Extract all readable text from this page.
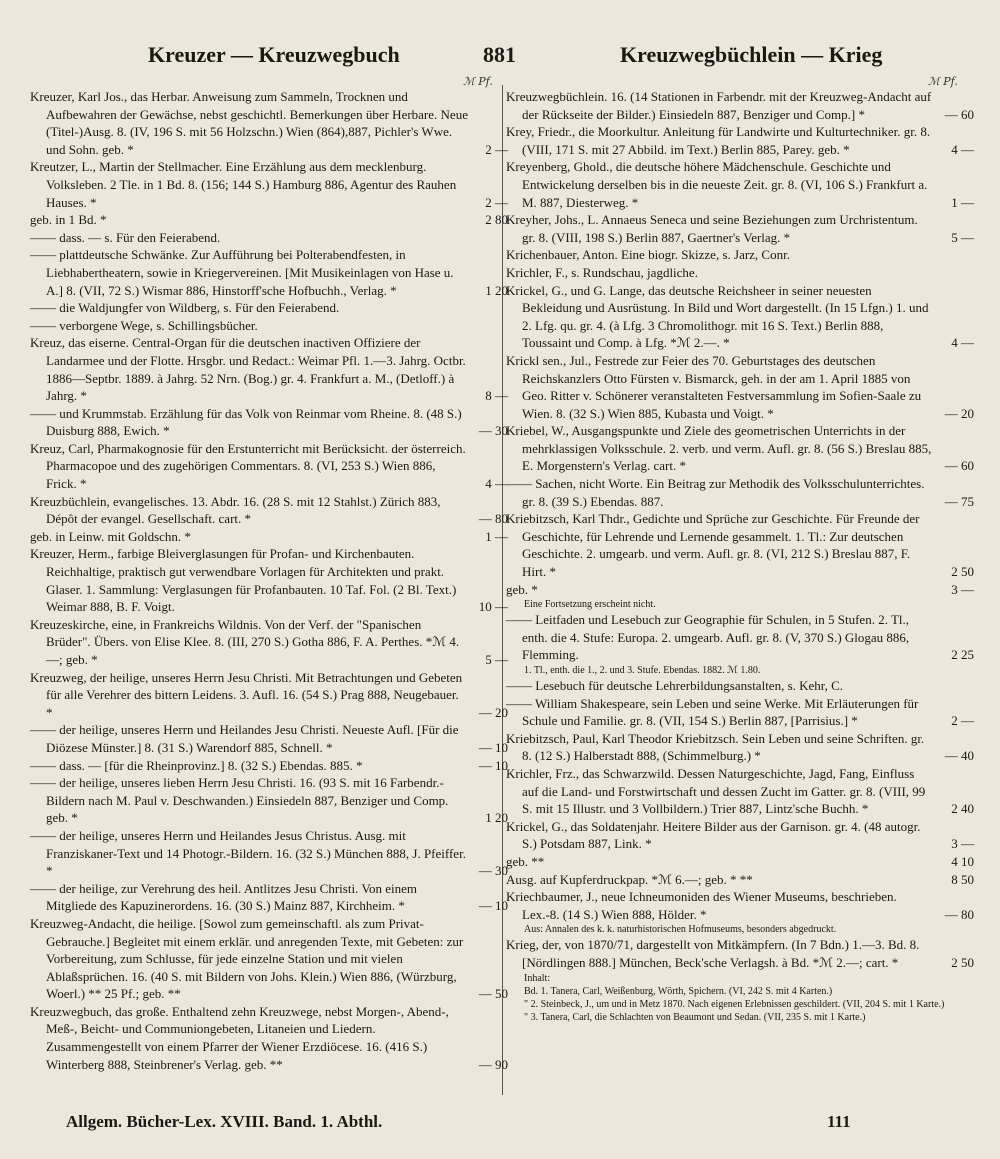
Kreuzer — Kreuzwegbuch	881	Kreuzwegbüchlein — Krieg
ℳ Pf.	ℳ Pf.
Kreuzer, Karl Jos., das Herbar. Anweisung zum Sammeln, Trocknen und Aufbewahren der Gewächse, nebst geschichtl. Bemerkungen über Herbare. Neue (Titel-)Ausg. 8. (IV, 196 S. mit 56 Holzschn.) Wien (864),887, Pichler's Wwe. und Sohn. geb. *	2 —
Kreutzer, L., Martin der Stellmacher. Eine Erzählung aus dem mecklenburg. Volksleben. 2 Tle. in 1 Bd. 8. (156; 144 S.) Hamburg 886, Agentur des Rauhen Hauses. *	2 —
geb. in 1 Bd. *	2 80
—— dass. — s. Für den Feierabend.
—— plattdeutsche Schwänke. Zur Aufführung bei Polterabendfesten, in Liebhabertheatern, sowie in Kriegervereinen. [Mit Musikeinlagen von Hase u. A.] 8. (VII, 72 S.) Wismar 886, Hinstorff'sche Hofbuchh., Verlag. *	1 20
—— die Waldjungfer von Wildberg, s. Für den Feierabend.
—— verborgene Wege, s. Schillingsbücher.
Kreuz, das eiserne. Central-Organ für die deutschen inactiven Offiziere der Landarmee und der Flotte. Hrsgbr. und Redact.: Weimar Pfl. 1.—3. Jahrg. Octbr. 1886—Septbr. 1889. à Jahrg. 52 Nrn. (Bog.) gr. 4. Frankfurt a. M., (Detloff.) à Jahrg. *	8 —
—— und Krummstab. Erzählung für das Volk von Reinmar vom Rheine. 8. (48 S.) Duisburg 888, Ewich. *	— 30
Kreuz, Carl, Pharmakognosie für den Erstunterricht mit Berücksicht. der österreich. Pharmacopoe und des zugehörigen Commentars. 8. (VI, 253 S.) Wien 886, Frick. *	4 —
Kreuzbüchlein, evangelisches. 13. Abdr. 16. (28 S. mit 12 Stahlst.) Zürich 883, Dépôt der evangel. Gesellschaft. cart. *	— 80
geb. in Leinw. mit Goldschn. *	1 —
Kreuzer, Herm., farbige Bleiverglasungen für Profan- und Kirchenbauten. Reichhaltige, praktisch gut verwendbare Vorlagen für Architekten und prakt. Glaser. 1. Sammlung: Verglasungen für Profanbauten. 10 Taf. Fol. (2 Bl. Text.) Weimar 888, B. F. Voigt.	10 —
Kreuzeskirche, eine, in Frankreichs Wildnis. Von der Verf. der "Spanischen Brüder". Übers. von Elise Klee. 8. (III, 270 S.) Gotha 886, F. A. Perthes. *ℳ 4.—; geb. *	5 —
Kreuzweg, der heilige, unseres Herrn Jesu Christi. Mit Betrachtungen und Gebeten für alle Verehrer des bittern Leidens. 3. Aufl. 16. (54 S.) Prag 888, Neugebauer. *	— 20
—— der heilige, unseres Herrn und Heilandes Jesu Christi. Neueste Aufl. [Für die Diözese Münster.] 8. (31 S.) Warendorf 885, Schnell. *	— 10
—— dass. — [für die Rheinprovinz.] 8. (32 S.) Ebendas. 885. *	— 10
—— der heilige, unseres lieben Herrn Jesu Christi. 16. (93 S. mit 16 Farbendr.-Bildern nach M. Paul v. Deschwanden.) Einsiedeln 887, Benziger und Comp. geb. *	1 20
—— der heilige, unseres Herrn und Heilandes Jesus Christus. Ausg. mit Franziskaner-Text und 14 Photogr.-Bildern. 16. (32 S.) München 888, J. Pfeiffer. *	— 30
—— der heilige, zur Verehrung des heil. Antlitzes Jesu Christi. Von einem Mitgliede des Kapuzinerordens. 16. (30 S.) Mainz 887, Kirchheim. *	— 10
Kreuzweg-Andacht, die heilige. [Sowol zum gemeinschaftl. als zum Privat-Gebrauche.] Begleitet mit einem erklär. und anregenden Texte, mit Gebeten: zur Vorbereitung, zum Schlusse, für jede einzelne Station und mit vielen Ablaßsprüchen. 16. (40 S. mit Bildern von Johs. Klein.) Wien 886, (Würzburg, Woerl.) ** 25 Pf.; geb. **	— 50
Kreuzwegbuch, das große. Enthaltend zehn Kreuzwege, nebst Morgen-, Abend-, Meß-, Beicht- und Communiongebeten, Litaneien und Liedern. Zusammengestellt von einem Pfarrer der Wiener Erzdiöcese. 16. (416 S.) Winterberg 888, Steinbrener's Verlag. geb. **	— 90
Kreuzwegbüchlein. 16. (14 Stationen in Farbendr. mit der Kreuzweg-Andacht auf der Rückseite der Bilder.) Einsiedeln 887, Benziger und Comp.] *	— 60
Krey, Friedr., die Moorkultur. Anleitung für Landwirte und Kulturtechniker. gr. 8. (VIII, 171 S. mit 27 Abbild. im Text.) Berlin 885, Parey. geb. *	4 —
Kreyenberg, Ghold., die deutsche höhere Mädchenschule. Geschichte und Entwickelung derselben bis in die neueste Zeit. gr. 8. (VI, 106 S.) Frankfurt a. M. 887, Diesterweg. *	1 —
Kreyher, Johs., L. Annaeus Seneca und seine Beziehungen zum Urchristentum. gr. 8. (VIII, 198 S.) Berlin 887, Gaertner's Verlag. *	5 —
Krichenbauer, Anton. Eine biogr. Skizze, s. Jarz, Conr.
Krichler, F., s. Rundschau, jagdliche.
Krickel, G., und G. Lange, das deutsche Reichsheer in seiner neuesten Bekleidung und Ausrüstung. In Bild und Wort dargestellt. (In 15 Lfgn.) 1. und 2. Lfg. qu. gr. 4. (à Lfg. 3 Chromolithogr. mit 16 S. Text.) Berlin 888, Toussaint und Comp. à Lfg. *ℳ 2.—. *	4 —
Krickl sen., Jul., Festrede zur Feier des 70. Geburtstages des deutschen Reichskanzlers Otto Fürsten v. Bismarck, geh. in der am 1. April 1885 von Geo. Ritter v. Schönerer veranstalteten Festversammlung im Sofien-Saale zu Wien. 8. (32 S.) Wien 885, Kubasta und Voigt. *	— 20
Kriebel, W., Ausgangspunkte und Ziele des geometrischen Unterrichts in der mehrklassigen Volksschule. 2. verb. und verm. Aufl. gr. 8. (56 S.) Breslau 885, E. Morgenstern's Verlag. cart. *	— 60
—— Sachen, nicht Worte. Ein Beitrag zur Methodik des Volksschulunterrichtes. gr. 8. (39 S.) Ebendas. 887.	— 75
Kriebitzsch, Karl Thdr., Gedichte und Sprüche zur Geschichte. Für Freunde der Geschichte, für Lehrende und Lernende gesammelt. 1. Tl.: Zur deutschen Geschichte. 2. umgearb. und verm. Aufl. gr. 8. (VI, 212 S.) Breslau 887, F. Hirt. *	2 50
geb. *	3 —
Eine Fortsetzung erscheint nicht.
—— Leitfaden und Lesebuch zur Geographie für Schulen, in 5 Stufen. 2. Tl., enth. die 4. Stufe: Europa. 2. umgearb. Aufl. gr. 8. (V, 370 S.) Glogau 886, Flemming.	2 25
1. Tl., enth. die 1., 2. und 3. Stufe. Ebendas. 1882. ℳ 1.80.
—— Lesebuch für deutsche Lehrerbildungsanstalten, s. Kehr, C.
—— William Shakespeare, sein Leben und seine Werke. Mit Erläuterungen für Schule und Familie. gr. 8. (VII, 154 S.) Berlin 887, [Parrisius.] *	2 —
Kriebitzsch, Paul, Karl Theodor Kriebitzsch. Sein Leben und seine Schriften. gr. 8. (12 S.) Halberstadt 888, (Schimmelburg.) *	— 40
Krichler, Frz., das Schwarzwild. Dessen Naturgeschichte, Jagd, Fang, Einfluss auf die Land- und Forstwirtschaft und dessen Zucht im Gatter. gr. 8. (VIII, 99 S. mit 15 Illustr. und 3 Vollbildern.) Trier 887, Lintz'sche Buchh. *	2 40
Krickel, G., das Soldatenjahr. Heitere Bilder aus der Garnison. gr. 4. (48 autogr. S.) Potsdam 887, Link. *	3 —
geb. **	4 10
Ausg. auf Kupferdruckpap. *ℳ 6.—; geb. * **	8 50
Kriechbaumer, J., neue Ichneumoniden des Wiener Museums, beschrieben. Lex.-8. (14 S.) Wien 888, Hölder. *	— 80
Aus: Annalen des k. k. naturhistorischen Hofmuseums, besonders abgedruckt.
Krieg, der, von 1870/71, dargestellt von Mitkämpfern. (In 7 Bdn.) 1.—3. Bd. 8. [Nördlingen 888.] München, Beck'sche Verlagsh. à Bd. *ℳ 2.—; cart. *	2 50
Inhalt:
Bd. 1. Tanera, Carl, Weißenburg, Wörth, Spichern. (VI, 242 S. mit 4 Karten.)
" 2. Steinbeck, J., um und in Metz 1870. Nach eigenen Erlebnissen geschildert. (VII, 204 S. mit 1 Karte.)
" 3. Tanera, Carl, die Schlachten von Beaumont und Sedan. (VII, 235 S. mit 1 Karte.)
Allgem. Bücher-Lex. XVIII. Band. 1. Abthl.	111
